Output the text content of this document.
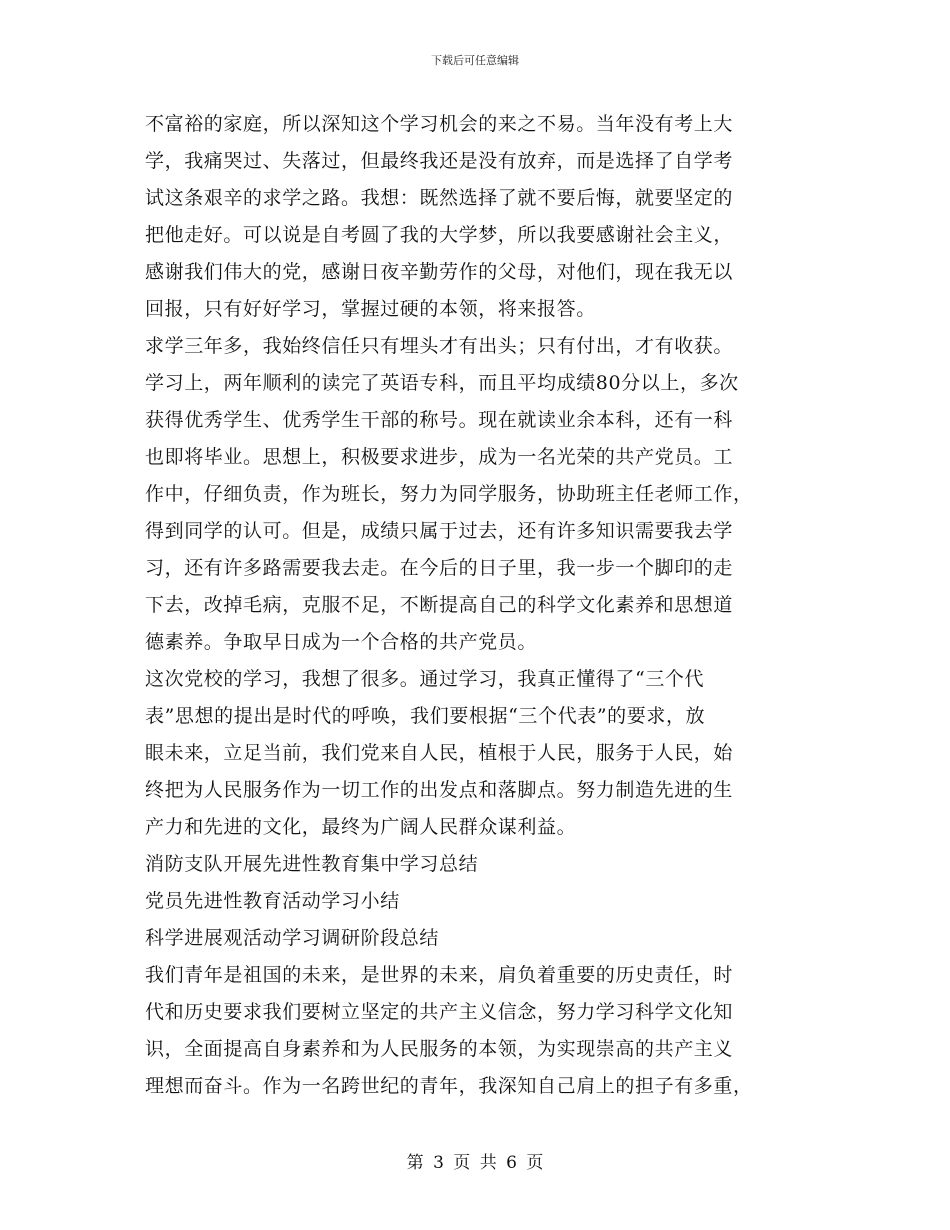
下载后可任意编辑
不富裕的家庭，所以深知这个学习机会的来之不易。当年没有考上大
学，我痛哭过、失落过，但最终我还是没有放弃，而是选择了自学考
试这条艰辛的求学之路。我想：既然选择了就不要后悔，就要坚定的
把他走好。可以说是自考圆了我的大学梦，所以我要感谢社会主义，
感谢我们伟大的党，感谢日夜辛勤劳作的父母，对他们，现在我无以
回报，只有好好学习，掌握过硬的本领，将来报答。
求学三年多，我始终信任只有埋头才有出头；只有付出，才有收获。
学习上，两年顺利的读完了英语专科，而且平均成绩80分以上，多次
获得优秀学生、优秀学生干部的称号。现在就读业余本科，还有一科
也即将毕业。思想上，积极要求进步，成为一名光荣的共产党员。工
作中，仔细负责，作为班长，努力为同学服务，协助班主任老师工作，
得到同学的认可。但是，成绩只属于过去，还有许多知识需要我去学
习，还有许多路需要我去走。在今后的日子里，我一步一个脚印的走
下去，改掉毛病，克服不足，不断提高自己的科学文化素养和思想道
德素养。争取早日成为一个合格的共产党员。
这次党校的学习，我想了很多。通过学习，我真正懂得了“三个代
表”思想的提出是时代的呼唤，我们要根据“三个代表”的要求，放
眼未来，立足当前，我们党来自人民，植根于人民，服务于人民，始
终把为人民服务作为一切工作的出发点和落脚点。努力制造先进的生
产力和先进的文化，最终为广阔人民群众谋利益。
消防支队开展先进性教育集中学习总结
党员先进性教育活动学习小结
科学进展观活动学习调研阶段总结
我们青年是祖国的未来，是世界的未来，肩负着重要的历史责任，时
代和历史要求我们要树立坚定的共产主义信念，努力学习科学文化知
识，全面提高自身素养和为人民服务的本领，为实现崇高的共产主义
理想而奋斗。作为一名跨世纪的青年，我深知自己肩上的担子有多重，
第 3 页 共 6 页
